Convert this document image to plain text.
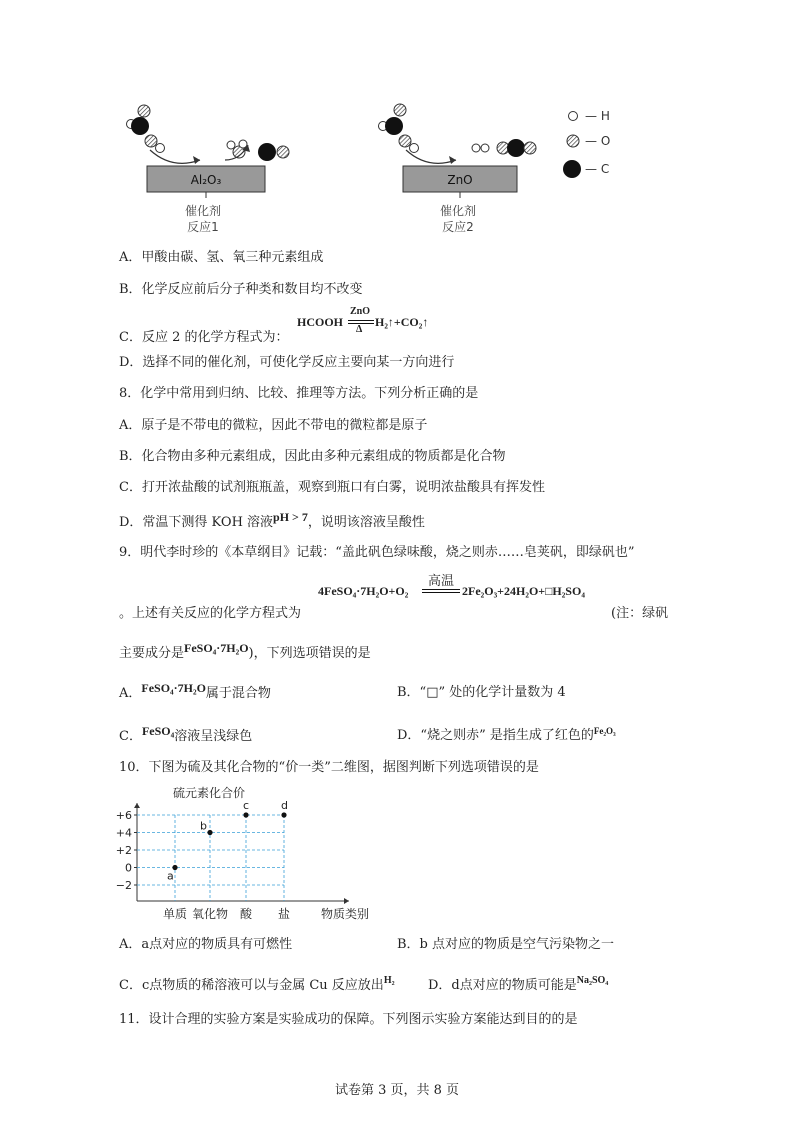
Al₂O₃
催化剂
反应1
ZnO
催化剂
反应2
— H
— O
— C
A．甲酸由碳、氢、氧三种元素组成
B．化学反应前后分子种类和数目均不改变
HCOOH
ZnO
Δ
H₂↑+CO₂↑
C．反应 2 的化学方程式为：
D．选择不同的催化剂，可使化学反应主要向某一方向进行
8．化学中常用到归纳、比较、推理等方法。下列分析正确的是
A．原子是不带电的微粒，因此不带电的微粒都是原子
B．化合物由多种元素组成，因此由多种元素组成的物质都是化合物
C．打开浓盐酸的试剂瓶瓶盖，观察到瓶口有白雾，说明浓盐酸具有挥发性
D．常温下测得 KOH 溶液pH > 7，说明该溶液呈酸性
9．明代李时珍的《本草纲目》记载：“盖此矾色绿味酸，烧之则赤……皂荚矾，即绿矾也”
4FeSO₄·7H₂O+O₂
高温
2Fe₂O₃+24H₂O+□H₂SO₄
。上述有关反应的化学方程式为	(注：绿矾
主要成分是FeSO₄·7H₂O)，下列选项错误的是
A．FeSO₄·7H₂O属于混合物	B．“□” 处的化学计量数为 4
C．FeSO₄溶液呈浅绿色	D．“烧之则赤” 是指生成了红色的$^{Fe_2O_3}$
10．下图为硫及其化合物的“价一类”二维图，据图判断下列选项错误的是
硫元素化合价
+6
+4
+2
0
−2
单质 氧化物 酸 盐	物质类别
a
b
c	d
A．a点对应的物质具有可燃性	B．b 点对应的物质是空气污染物之一
C．c点物质的稀溶液可以与金属 Cu 反应放出$^{H_2}$	D．d点对应的物质可能是$^{Na_2SO_4}$
11．设计合理的实验方案是实验成功的保障。下列图示实验方案能达到目的的是
试卷第 3 页，共 8 页
